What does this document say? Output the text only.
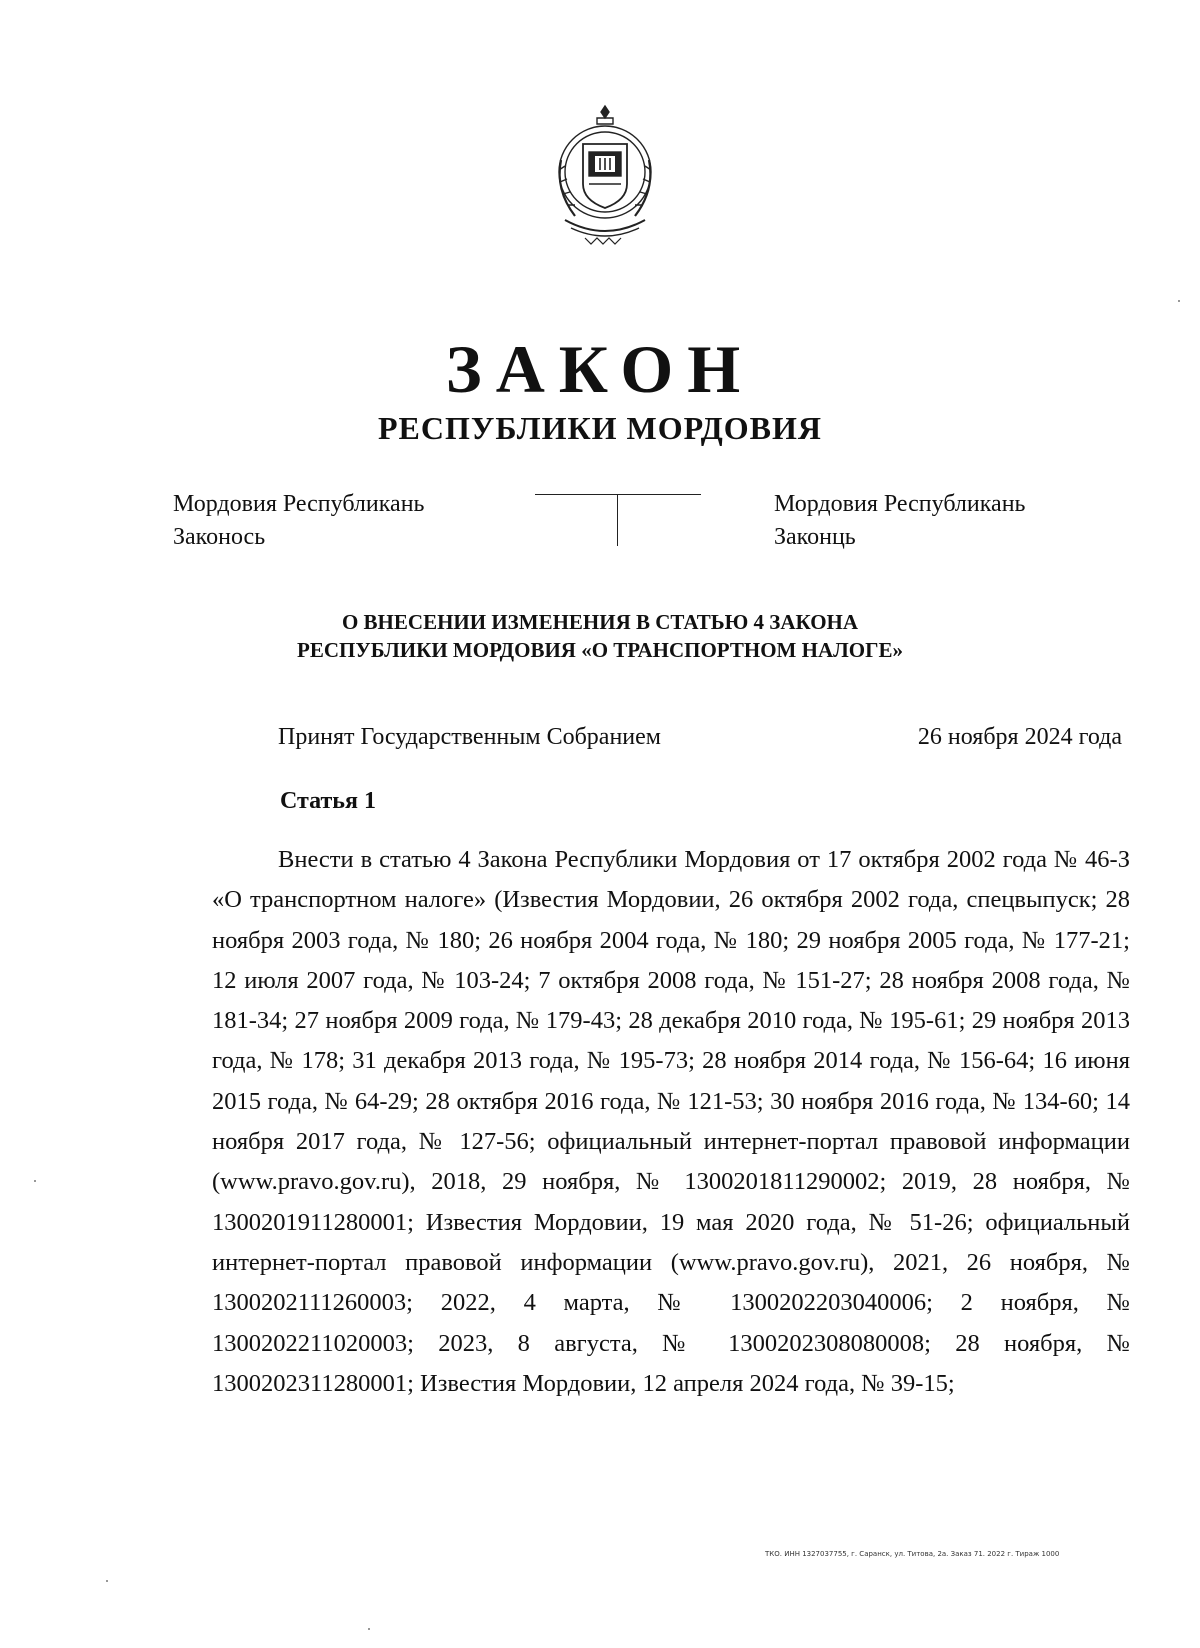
ЗАКОН
РЕСПУБЛИКИ МОРДОВИЯ
Мордовия Республикань
Законось
Мордовия Республикань
Законць
О ВНЕСЕНИИ ИЗМЕНЕНИЯ В СТАТЬЮ 4 ЗАКОНА
РЕСПУБЛИКИ МОРДОВИЯ «О ТРАНСПОРТНОМ НАЛОГЕ»
Принят Государственным Собранием	26 ноября 2024 года
Статья 1

Внести в статью 4 Закона Республики Мордовия от 17 октября 2002 года № 46-З «О транспортном налоге» (Известия Мордовии, 26 октября 2002 года, спецвыпуск; 28 ноября 2003 года, № 180; 26 ноября 2004 года, № 180; 29 ноября 2005 года, № 177-21; 12 июля 2007 года, № 103-24; 7 октября 2008 года, № 151-27; 28 ноября 2008 года, № 181-34; 27 ноября 2009 года, № 179-43; 28 декабря 2010 года, № 195-61; 29 ноября 2013 года, № 178; 31 декабря 2013 года, № 195-73; 28 ноября 2014 года, № 156-64; 16 июня 2015 года, № 64-29; 28 октября 2016 года, № 121-53; 30 ноября 2016 года, № 134-60; 14 ноября 2017 года, № 127-56; официальный интернет-портал правовой информации (www.pravo.gov.ru), 2018, 29 ноября, № 1300201811290002; 2019, 28 ноября, № 1300201911280001; Известия Мордовии, 19 мая 2020 года, № 51-26; официальный интернет-портал правовой информации (www.pravo.gov.ru), 2021, 26 ноября, № 1300202111260003; 2022, 4 марта, № 1300202203040006; 2 ноября, № 1300202211020003; 2023, 8 августа, № 1300202308080008; 28 ноября, № 1300202311280001; Известия Мордовии, 12 апреля 2024 года, № 39-15;

ТКО. ИНН 1327037755, г. Саранск, ул. Титова, 2а. Заказ 71. 2022 г. Тираж 1000
